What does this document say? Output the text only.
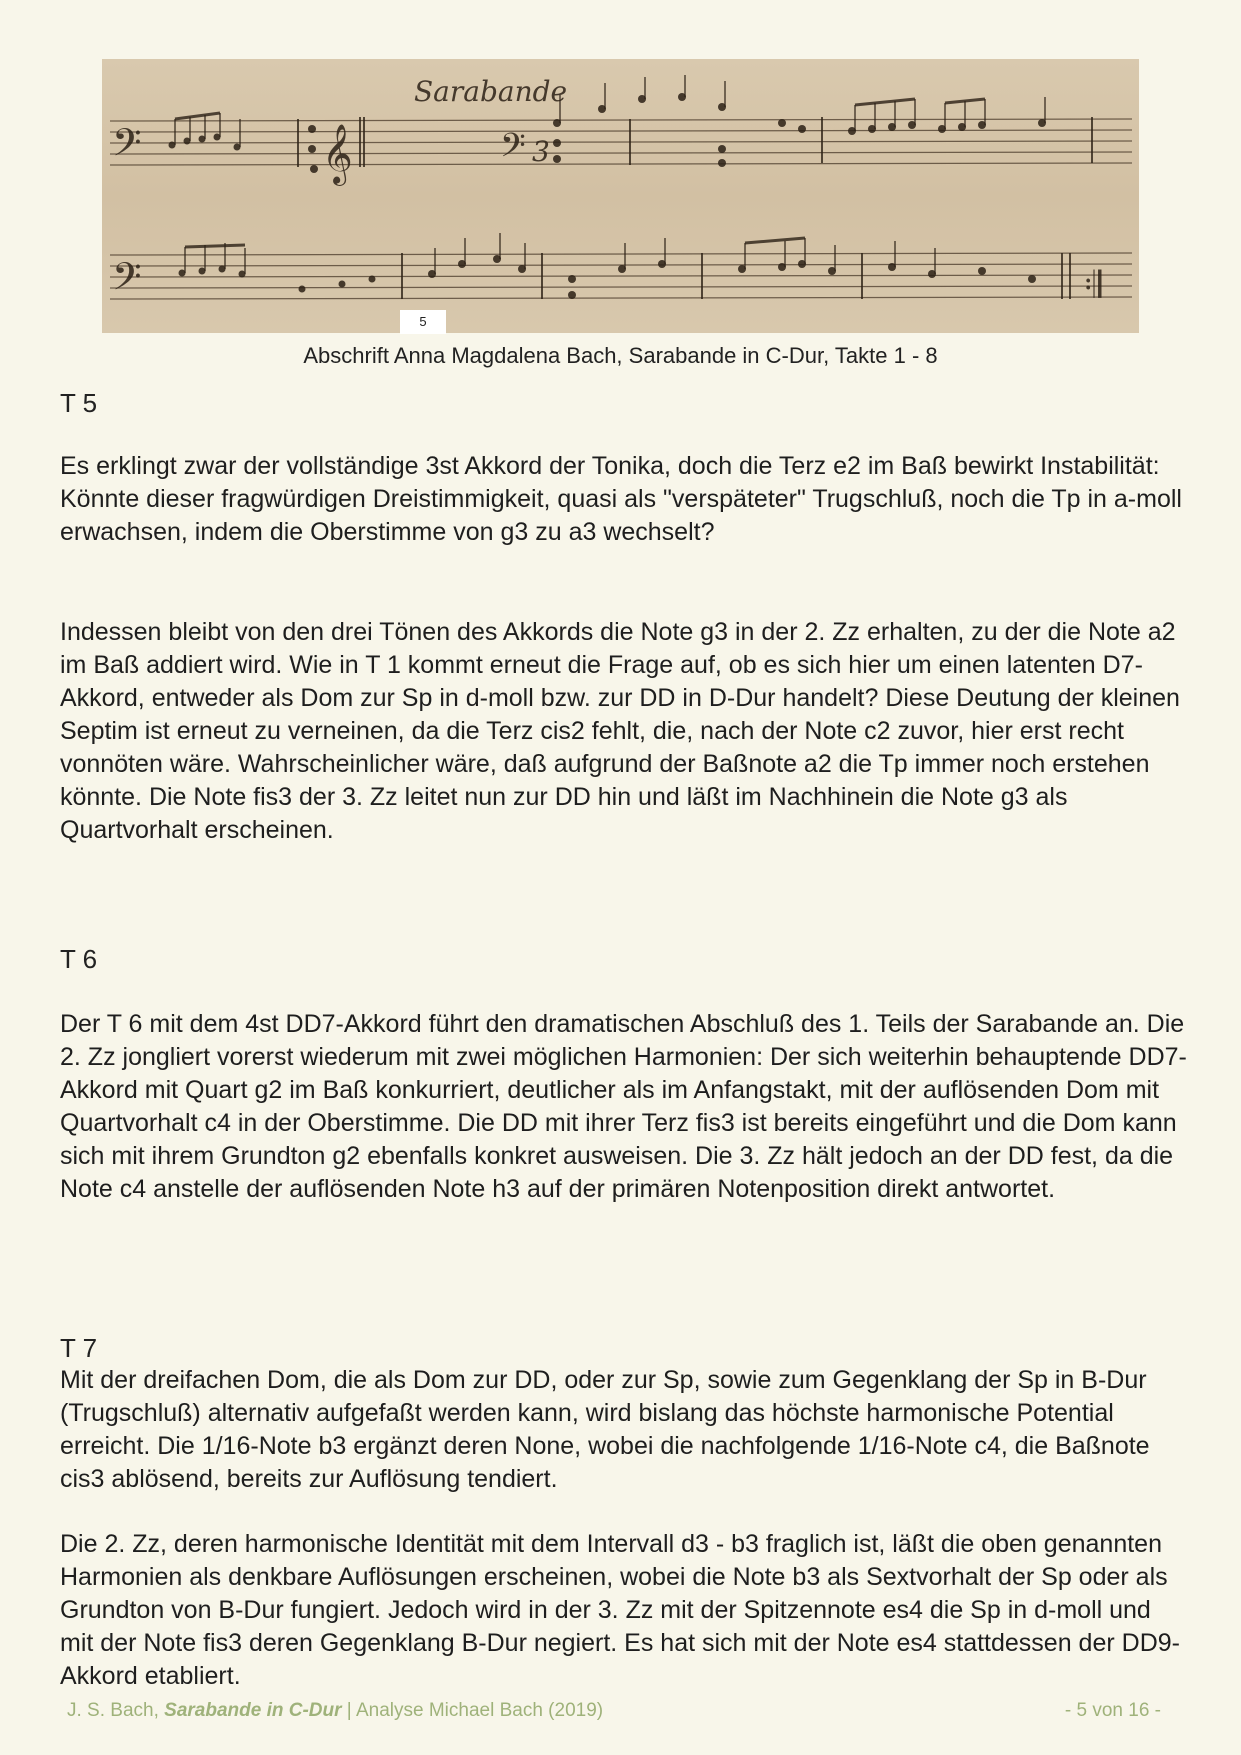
𝄢
𝄢
𝄢
𝄞	3
𝄇
Sarabande
5
Abschrift Anna Magdalena Bach, Sarabande in C-Dur, Takte 1 - 8
T 5

Es erklingt zwar der vollständige 3st Akkord der Tonika, doch die Terz e2 im Baß bewirkt Instabilität: Könnte dieser fragwürdigen Dreistimmigkeit, quasi als "verspäteter" Trugschluß, noch die Tp in a-moll erwachsen, indem die Oberstimme von g3 zu a3 wechselt?

Indessen bleibt von den drei Tönen des Akkords die Note g3 in der 2. Zz erhalten, zu der die Note a2 im Baß addiert wird. Wie in T 1 kommt erneut die Frage auf, ob es sich hier um einen latenten D7-Akkord, entweder als Dom zur Sp in d-moll bzw. zur DD in D-Dur handelt? Diese Deutung der kleinen Septim ist erneut zu verneinen, da die Terz cis2 fehlt, die, nach der Note c2 zuvor, hier erst recht vonnöten wäre. Wahrscheinlicher wäre, daß aufgrund der Baßnote a2 die Tp immer noch erstehen könnte. Die Note fis3 der 3. Zz leitet nun zur DD hin und läßt im Nachhinein die Note g3 als Quartvorhalt erscheinen.

T 6

Der T 6 mit dem 4st DD7-Akkord führt den dramatischen Abschluß des 1. Teils der Sarabande an. Die 2. Zz jongliert vorerst wiederum mit zwei möglichen Harmonien: Der sich weiterhin behauptende DD7-Akkord mit Quart g2 im Baß konkurriert, deutlicher als im Anfangstakt, mit der auflösenden Dom mit Quartvorhalt c4 in der Oberstimme. Die DD mit ihrer Terz fis3 ist bereits eingeführt und die Dom kann sich mit ihrem Grundton g2 ebenfalls konkret ausweisen. Die 3. Zz hält jedoch an der DD fest, da die Note c4 anstelle der auflösenden Note h3 auf der primären Notenposition direkt antwortet.

T 7

Mit der dreifachen Dom, die als Dom zur DD, oder zur Sp, sowie zum Gegenklang der Sp in B-Dur (Trugschluß) alternativ aufgefaßt werden kann, wird bislang das höchste harmonische Potential erreicht. Die 1/16-Note b3 ergänzt deren None, wobei die nachfolgende 1/16-Note c4, die Baßnote cis3 ablösend, bereits zur Auflösung tendiert.

Die 2. Zz, deren harmonische Identität mit dem Intervall d3 - b3 fraglich ist, läßt die oben genannten Harmonien als denkbare Auflösungen erscheinen, wobei die Note b3 als Sextvorhalt der Sp oder als Grundton von B-Dur fungiert. Jedoch wird in der 3. Zz mit der Spitzennote es4 die Sp in d-moll und mit der Note fis3 deren Gegenklang B-Dur negiert. Es hat sich mit der Note es4 stattdessen der DD9-Akkord etabliert.

J. S. Bach, Sarabande in C-Dur | Analyse Michael Bach (2019)	- 5 von 16 -
